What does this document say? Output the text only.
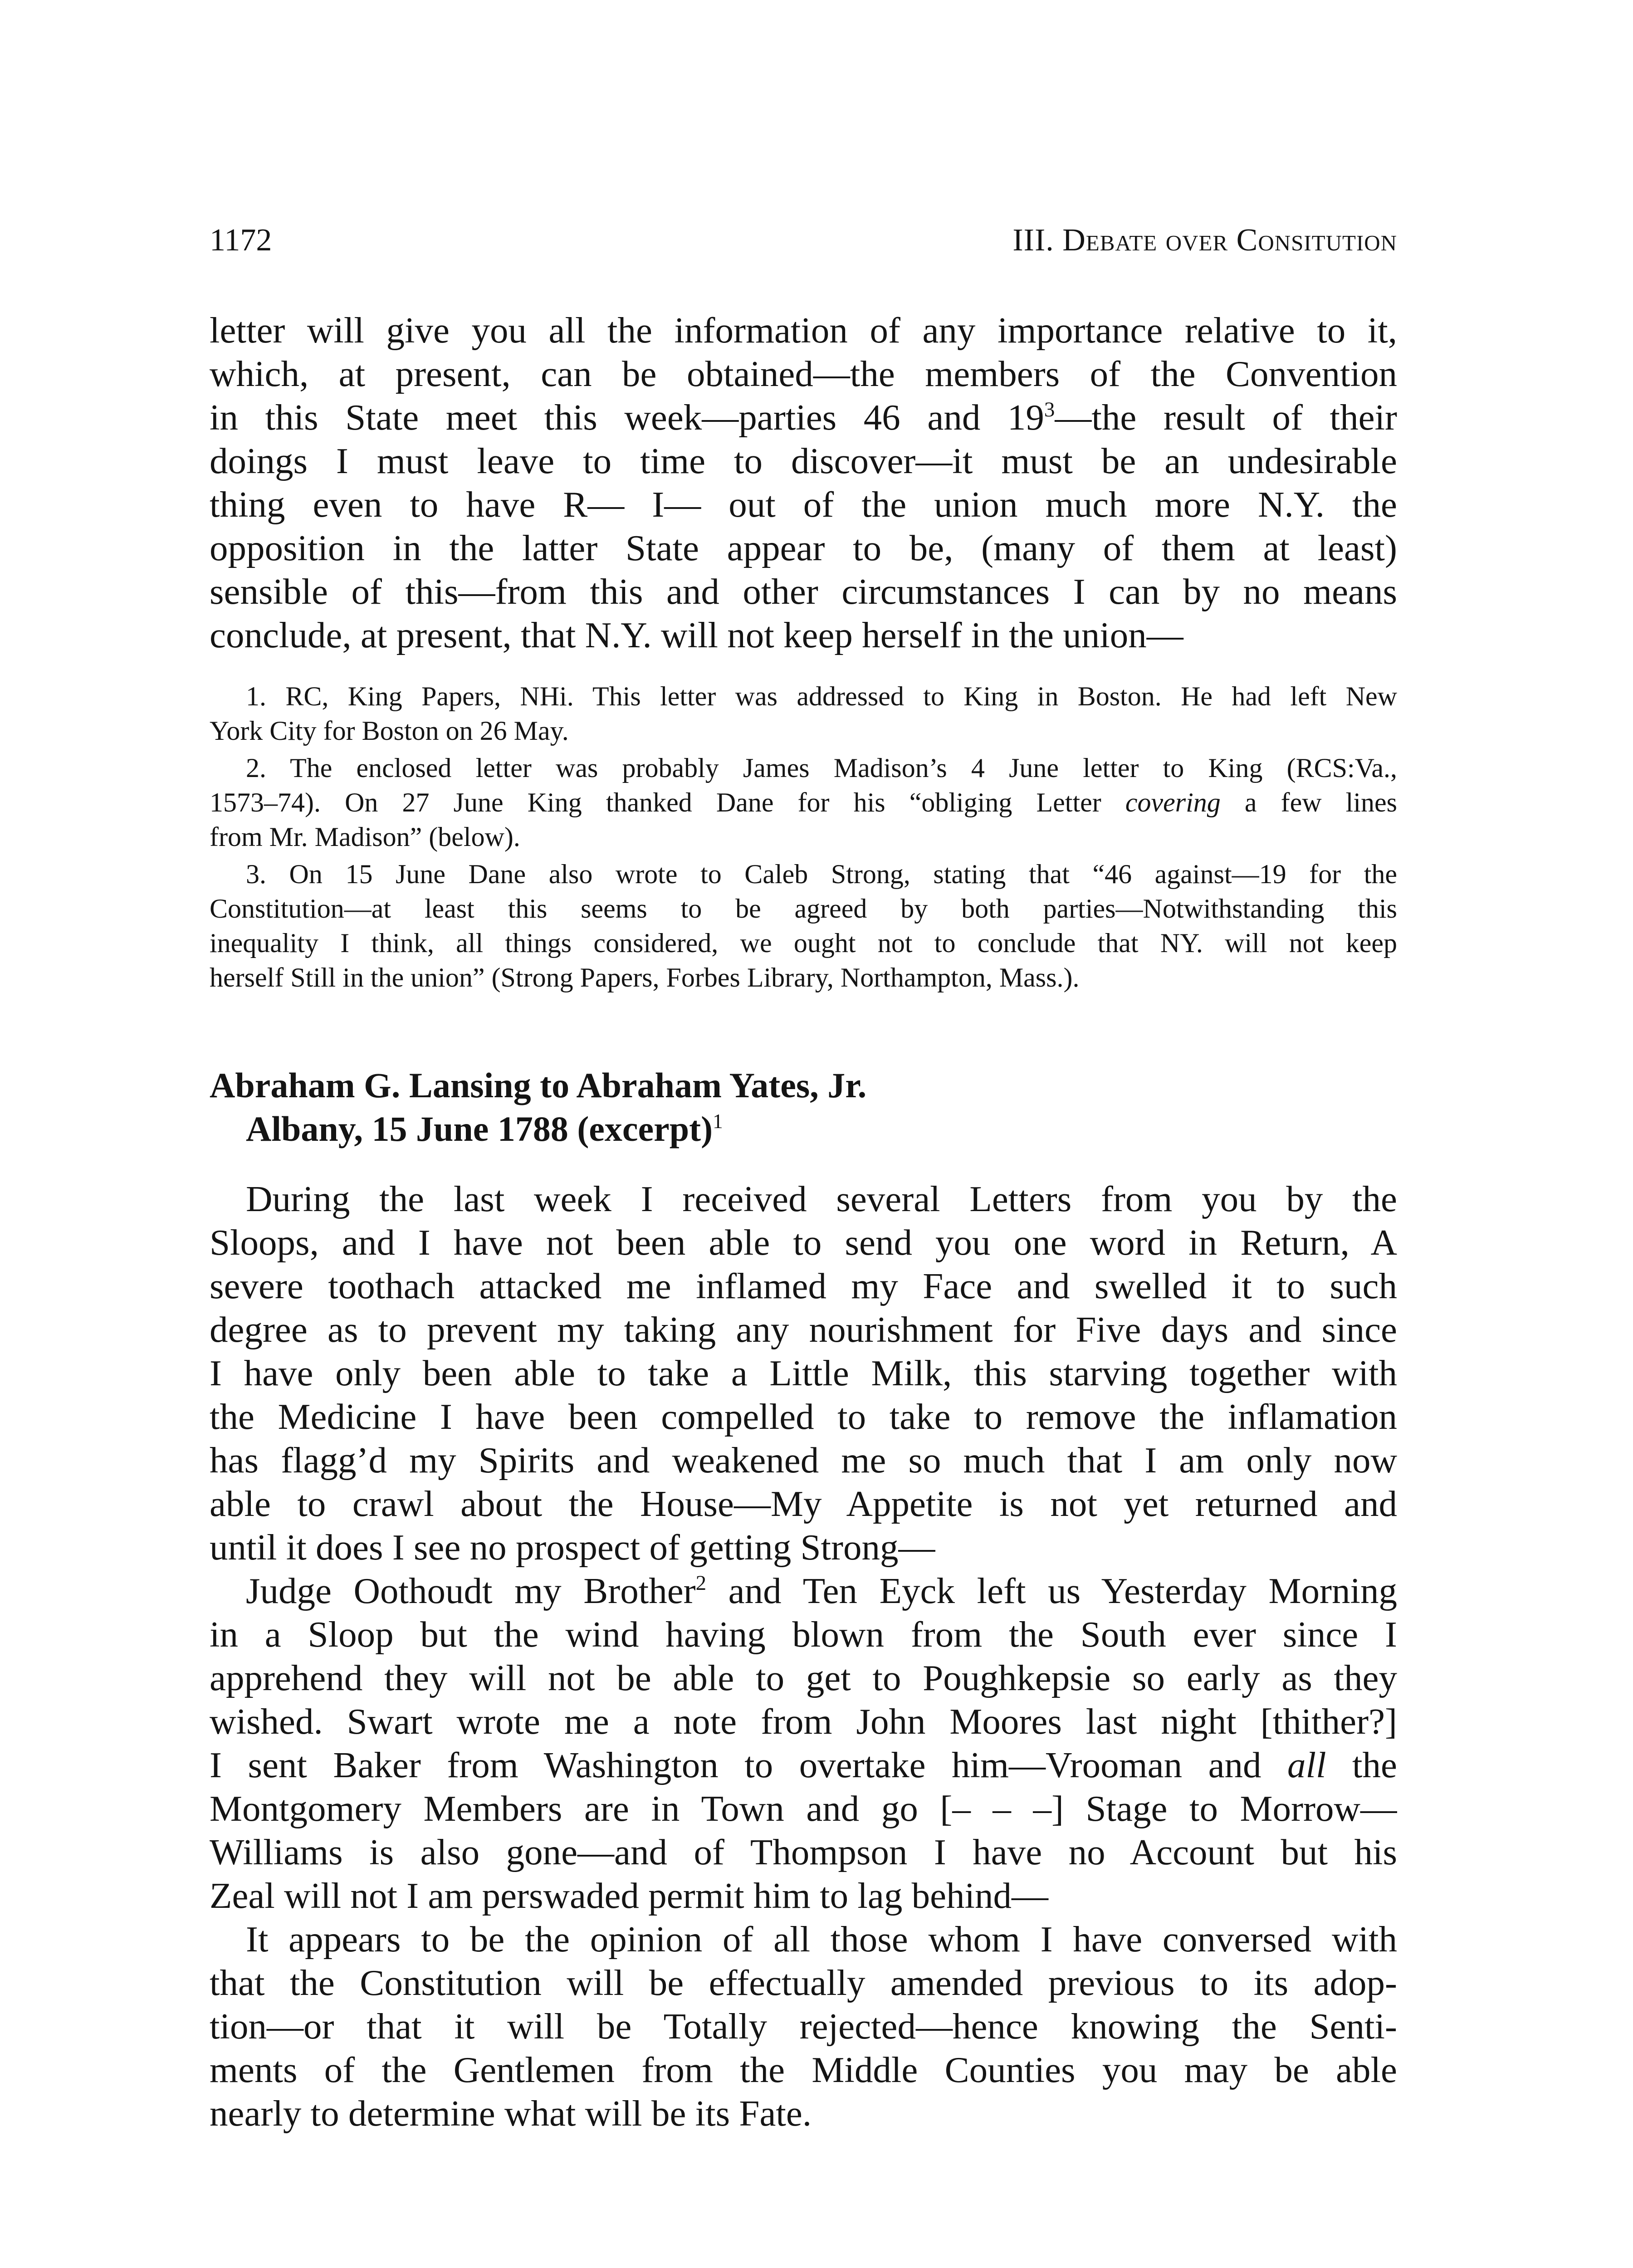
1172	III. Debate over Consitution
letter will give you all the information of any importance relative to it,
which, at present, can be obtained—the members of the Convention
in this State meet this week—parties 46 and $19^3—the$ result of their
doings I must leave to time to discover—it must be an undesirable
thing even to have R— I— out of the union much more N.Y. the
opposition in the latter State appear to be, (many of them at least)
sensible of this—from this and other circumstances I can by no means
conclude, at present, that N.Y. will not keep herself in the union—
1. RC, King Papers, NHi. This letter was addressed to King in Boston. He had left New
York City for Boston on 26 May.
2. The enclosed letter was probably James Madison’s 4 June letter to King (RCS:Va.,
1573–74). On 27 June King thanked Dane for his “obliging Letter covering a few lines
from Mr. Madison” (below).
3. On 15 June Dane also wrote to Caleb Strong, stating that “46 against—19 for the
Constitution—at least this seems to be agreed by both parties—Notwithstanding this
inequality I think, all things considered, we ought not to conclude that NY. will not keep
herself Still in the union” (Strong Papers, Forbes Library, Northampton, Mass.).
Abraham G. Lansing to Abraham Yates, Jr.
Albany, 15 June 1788 (excerpt)$^1$
During the last week I received several Letters from you by the
Sloops, and I have not been able to send you one word in Return, A
severe toothach attacked me inflamed my Face and swelled it to such
degree as to prevent my taking any nourishment for Five days and since
I have only been able to take a Little Milk, this starving together with
the Medicine I have been compelled to take to remove the inflamation
has flagg’d my Spirits and weakened me so much that I am only now
able to crawl about the House—My Appetite is not yet returned and
until it does I see no prospect of getting Strong—
Judge Oothoudt my Brother$^2$ and Ten Eyck left us Yesterday Morning
in a Sloop but the wind having blown from the South ever since I
apprehend they will not be able to get to Poughkepsie so early as they
wished. Swart wrote me a note from John Moores last night [thither?]
I sent Baker from Washington to overtake him—Vrooman and all the
Montgomery Members are in Town and go [– – –] Stage to Morrow—
Williams is also gone—and of Thompson I have no Account but his
Zeal will not I am perswaded permit him to lag behind—
It appears to be the opinion of all those whom I have conversed with
that the Constitution will be effectually amended previous to its adop-
tion—or that it will be Totally rejected—hence knowing the Senti-
ments of the Gentlemen from the Middle Counties you may be able
nearly to determine what will be its Fate.
